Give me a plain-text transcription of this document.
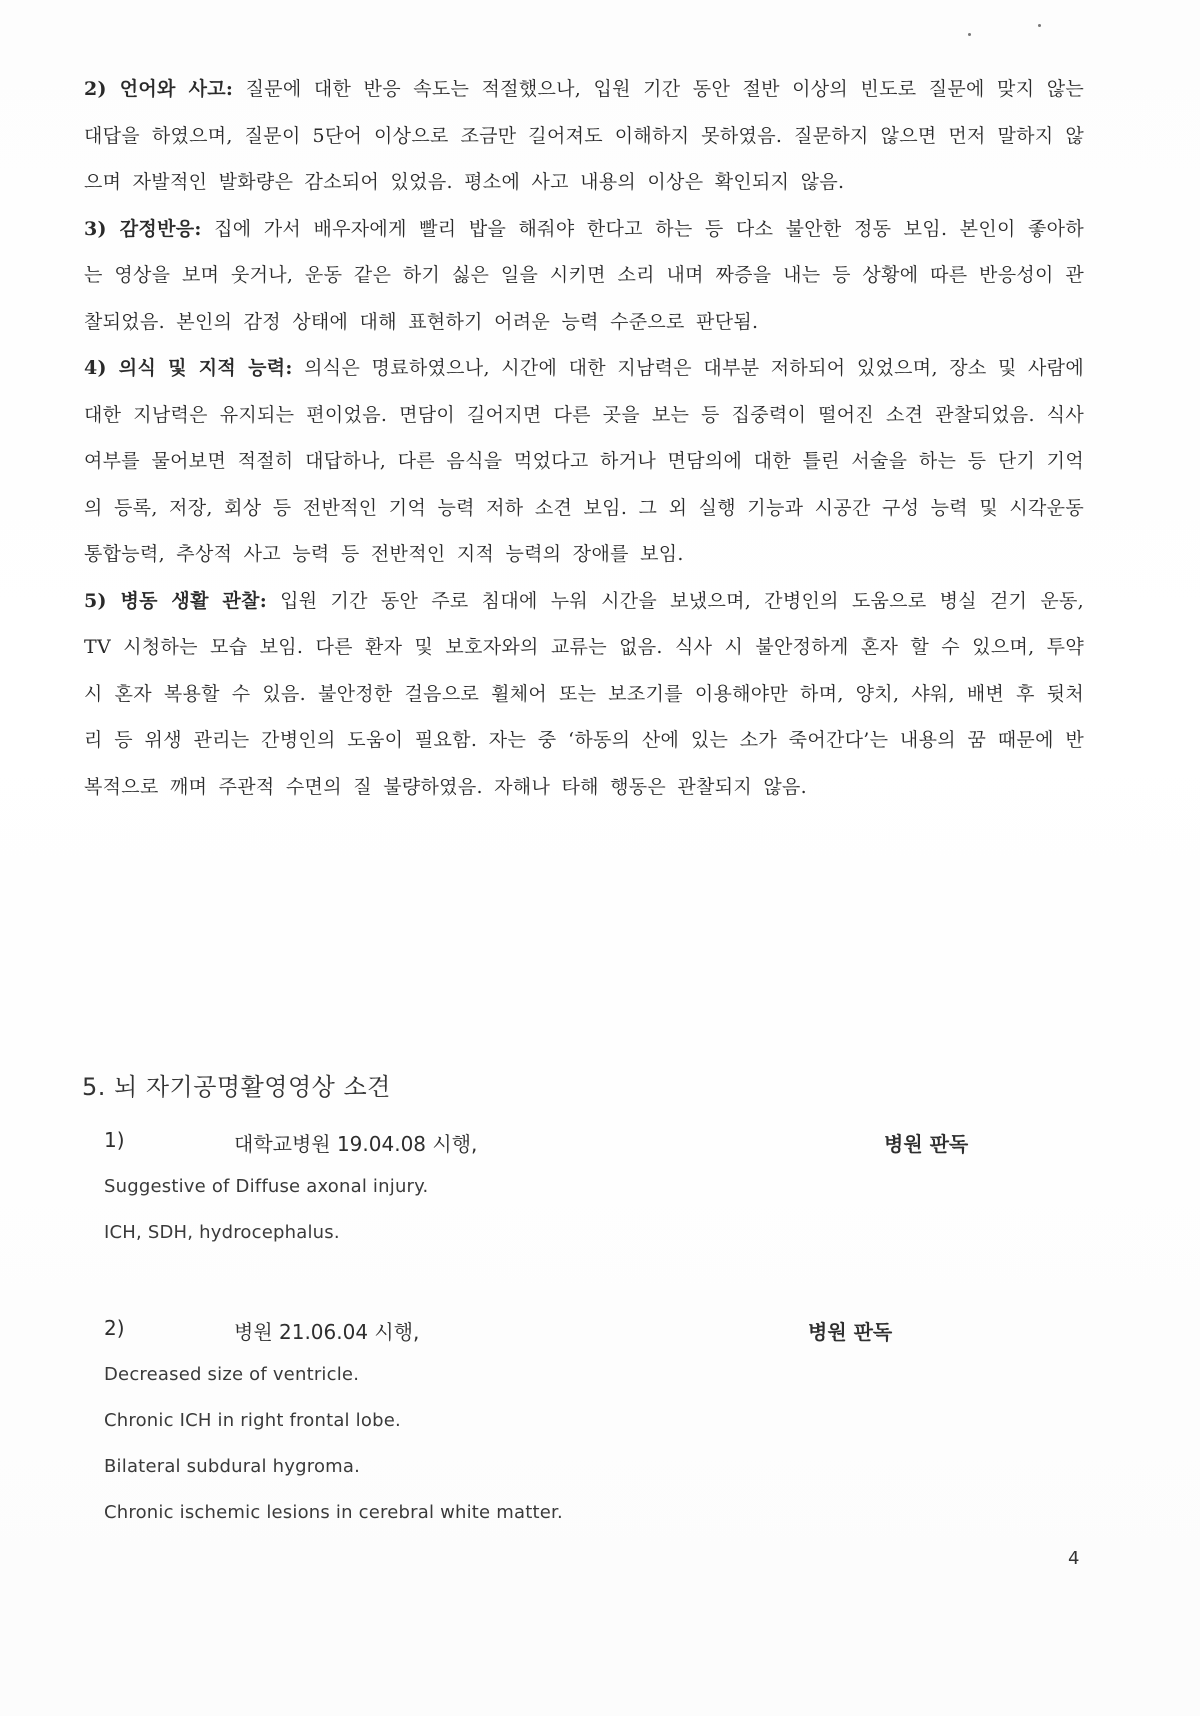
2) 언어와 사고: 질문에 대한 반응 속도는 적절했으나, 입원 기간 동안 절반 이상의 빈도로 질문에 맞지 않는 대답을 하였으며, 질문이 5단어 이상으로 조금만 길어져도 이해하지 못하였음. 질문하지 않으면 먼저 말하지 않으며 자발적인 발화량은 감소되어 있었음. 평소에 사고 내용의 이상은 확인되지 않음.

3) 감정반응: 집에 가서 배우자에게 빨리 밥을 해줘야 한다고 하는 등 다소 불안한 정동 보임. 본인이 좋아하는 영상을 보며 웃거나, 운동 같은 하기 싫은 일을 시키면 소리 내며 짜증을 내는 등 상황에 따른 반응성이 관찰되었음. 본인의 감정 상태에 대해 표현하기 어려운 능력 수준으로 판단됨.

4) 의식 및 지적 능력: 의식은 명료하였으나, 시간에 대한 지남력은 대부분 저하되어 있었으며, 장소 및 사람에 대한 지남력은 유지되는 편이었음. 면담이 길어지면 다른 곳을 보는 등 집중력이 떨어진 소견 관찰되었음. 식사 여부를 물어보면 적절히 대답하나, 다른 음식을 먹었다고 하거나 면담의에 대한 틀린 서술을 하는 등 단기 기억의 등록, 저장, 회상 등 전반적인 기억 능력 저하 소견 보임. 그 외 실행 기능과 시공간 구성 능력 및 시각운동통합능력, 추상적 사고 능력 등 전반적인 지적 능력의 장애를 보임.

5) 병동 생활 관찰: 입원 기간 동안 주로 침대에 누워 시간을 보냈으며, 간병인의 도움으로 병실 걷기 운동, TV 시청하는 모습 보임. 다른 환자 및 보호자와의 교류는 없음. 식사 시 불안정하게 혼자 할 수 있으며, 투약 시 혼자 복용할 수 있음. 불안정한 걸음으로 휠체어 또는 보조기를 이용해야만 하며, 양치, 샤워, 배변 후 뒷처리 등 위생 관리는 간병인의 도움이 필요함. 자는 중 ‘하동의 산에 있는 소가 죽어간다’는 내용의 꿈 때문에 반복적으로 깨며 주관적 수면의 질 불량하였음. 자해나 타해 행동은 관찰되지 않음.

5. 뇌 자기공명활영영상 소견
1)	대학교병원 19.04.08 시행,	병원 판독

Suggestive of Diffuse axonal injury.

ICH, SDH, hydrocephalus.

2)	병원 21.06.04 시행,	병원 판독

Decreased size of ventricle.

Chronic ICH in right frontal lobe.

Bilateral subdural hygroma.

Chronic ischemic lesions in cerebral white matter.

4
